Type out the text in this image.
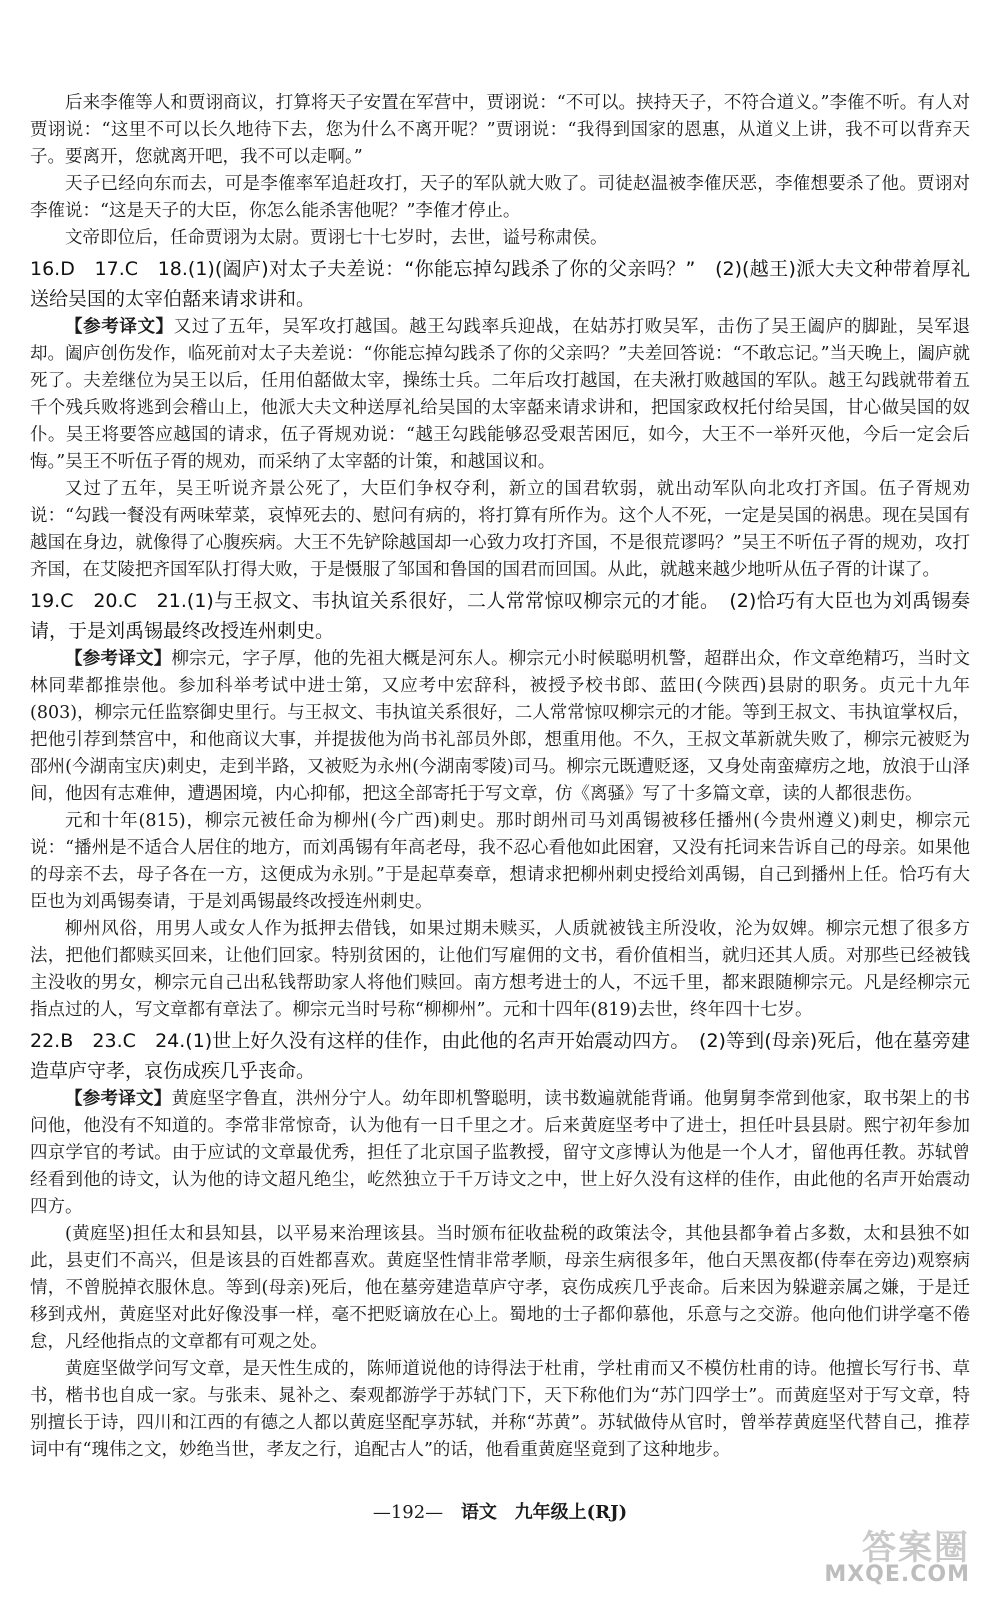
后来李傕等人和贾诩商议，打算将天子安置在军营中，贾诩说：“不可以。挟持天子，不符合道义。”李傕不听。有人对贾诩说：“这里不可以长久地待下去，您为什么不离开呢？”贾诩说：“我得到国家的恩惠，从道义上讲，我不可以背弃天子。要离开，您就离开吧，我不可以走啊。”

天子已经向东而去，可是李傕率军追赶攻打，天子的军队就大败了。司徒赵温被李傕厌恶，李傕想要杀了他。贾诩对李傕说：“这是天子的大臣，你怎么能杀害他呢？”李傕才停止。

文帝即位后，任命贾诩为太尉。贾诩七十七岁时，去世，谥号称肃侯。

16.D　17.C　18.(1)(阖庐)对太子夫差说：“你能忘掉勾践杀了你的父亲吗？”　(2)(越王)派大夫文种带着厚礼送给吴国的太宰伯嚭来请求讲和。

【参考译文】又过了五年，吴军攻打越国。越王勾践率兵迎战，在姑苏打败吴军，击伤了吴王阖庐的脚趾，吴军退却。阖庐创伤发作，临死前对太子夫差说：“你能忘掉勾践杀了你的父亲吗？”夫差回答说：“不敢忘记。”当天晚上，阖庐就死了。夫差继位为吴王以后，任用伯嚭做太宰，操练士兵。二年后攻打越国，在夫湫打败越国的军队。越王勾践就带着五千个残兵败将逃到会稽山上，他派大夫文种送厚礼给吴国的太宰嚭来请求讲和，把国家政权托付给吴国，甘心做吴国的奴仆。吴王将要答应越国的请求，伍子胥规劝说：“越王勾践能够忍受艰苦困厄，如今，大王不一举歼灭他，今后一定会后悔。”吴王不听伍子胥的规劝，而采纳了太宰嚭的计策，和越国议和。

又过了五年，吴王听说齐景公死了，大臣们争权夺利，新立的国君软弱，就出动军队向北攻打齐国。伍子胥规劝说：“勾践一餐没有两味荤菜，哀悼死去的、慰问有病的，将打算有所作为。这个人不死，一定是吴国的祸患。现在吴国有越国在身边，就像得了心腹疾病。大王不先铲除越国却一心致力攻打齐国，不是很荒谬吗？”吴王不听伍子胥的规劝，攻打齐国，在艾陵把齐国军队打得大败，于是慑服了邹国和鲁国的国君而回国。从此，就越来越少地听从伍子胥的计谋了。

19.C　20.C　21.(1)与王叔文、韦执谊关系很好，二人常常惊叹柳宗元的才能。　(2)恰巧有大臣也为刘禹锡奏请，于是刘禹锡最终改授连州刺史。

【参考译文】柳宗元，字子厚，他的先祖大概是河东人。柳宗元小时候聪明机警，超群出众，作文章绝精巧，当时文林同辈都推崇他。参加科举考试中进士第，又应考中宏辞科，被授予校书郎、蓝田(今陕西)县尉的职务。贞元十九年(803)，柳宗元任监察御史里行。与王叔文、韦执谊关系很好，二人常常惊叹柳宗元的才能。等到王叔文、韦执谊掌权后，把他引荐到禁宫中，和他商议大事，并提拔他为尚书礼部员外郎，想重用他。不久，王叔文革新就失败了，柳宗元被贬为邵州(今湖南宝庆)刺史，走到半路，又被贬为永州(今湖南零陵)司马。柳宗元既遭贬逐，又身处南蛮瘴疠之地，放浪于山泽间，他因有志难伸，遭遇困境，内心抑郁，把这全部寄托于写文章，仿《离骚》写了十多篇文章，读的人都很悲伤。

元和十年(815)，柳宗元被任命为柳州(今广西)刺史。那时朗州司马刘禹锡被移任播州(今贵州遵义)刺史，柳宗元说：“播州是不适合人居住的地方，而刘禹锡有年高老母，我不忍心看他如此困窘，又没有托词来告诉自己的母亲。如果他的母亲不去，母子各在一方，这便成为永别。”于是起草奏章，想请求把柳州刺史授给刘禹锡，自己到播州上任。恰巧有大臣也为刘禹锡奏请，于是刘禹锡最终改授连州刺史。

柳州风俗，用男人或女人作为抵押去借钱，如果过期未赎买，人质就被钱主所没收，沦为奴婢。柳宗元想了很多方法，把他们都赎买回来，让他们回家。特别贫困的，让他们写雇佣的文书，看价值相当，就归还其人质。对那些已经被钱主没收的男女，柳宗元自己出私钱帮助家人将他们赎回。南方想考进士的人，不远千里，都来跟随柳宗元。凡是经柳宗元指点过的人，写文章都有章法了。柳宗元当时号称“柳柳州”。元和十四年(819)去世，终年四十七岁。

22.B　23.C　24.(1)世上好久没有这样的佳作，由此他的名声开始震动四方。　(2)等到(母亲)死后，他在墓旁建造草庐守孝，哀伤成疾几乎丧命。

【参考译文】黄庭坚字鲁直，洪州分宁人。幼年即机警聪明，读书数遍就能背诵。他舅舅李常到他家，取书架上的书问他，他没有不知道的。李常非常惊奇，认为他有一日千里之才。后来黄庭坚考中了进士，担任叶县县尉。熙宁初年参加四京学官的考试。由于应试的文章最优秀，担任了北京国子监教授，留守文彦博认为他是一个人才，留他再任教。苏轼曾经看到他的诗文，认为他的诗文超凡绝尘，屹然独立于千万诗文之中，世上好久没有这样的佳作，由此他的名声开始震动四方。

(黄庭坚)担任太和县知县，以平易来治理该县。当时颁布征收盐税的政策法令，其他县都争着占多数，太和县独不如此，县吏们不高兴，但是该县的百姓都喜欢。黄庭坚性情非常孝顺，母亲生病很多年，他白天黑夜都(侍奉在旁边)观察病情，不曾脱掉衣服休息。等到(母亲)死后，他在墓旁建造草庐守孝，哀伤成疾几乎丧命。后来因为躲避亲属之嫌，于是迁移到戎州，黄庭坚对此好像没事一样，毫不把贬谪放在心上。蜀地的士子都仰慕他，乐意与之交游。他向他们讲学毫不倦怠，凡经他指点的文章都有可观之处。

黄庭坚做学问写文章，是天性生成的，陈师道说他的诗得法于杜甫，学杜甫而又不模仿杜甫的诗。他擅长写行书、草书，楷书也自成一家。与张耒、晁补之、秦观都游学于苏轼门下，天下称他们为“苏门四学士”。而黄庭坚对于写文章，特别擅长于诗，四川和江西的有德之人都以黄庭坚配享苏轼，并称“苏黄”。苏轼做侍从官时，曾举荐黄庭坚代替自己，推荐词中有“瑰伟之文，妙绝当世，孝友之行，追配古人”的话，他看重黄庭坚竟到了这种地步。

—192— 语文 九年级上(RJ)
答案圈
MXQE.COM
